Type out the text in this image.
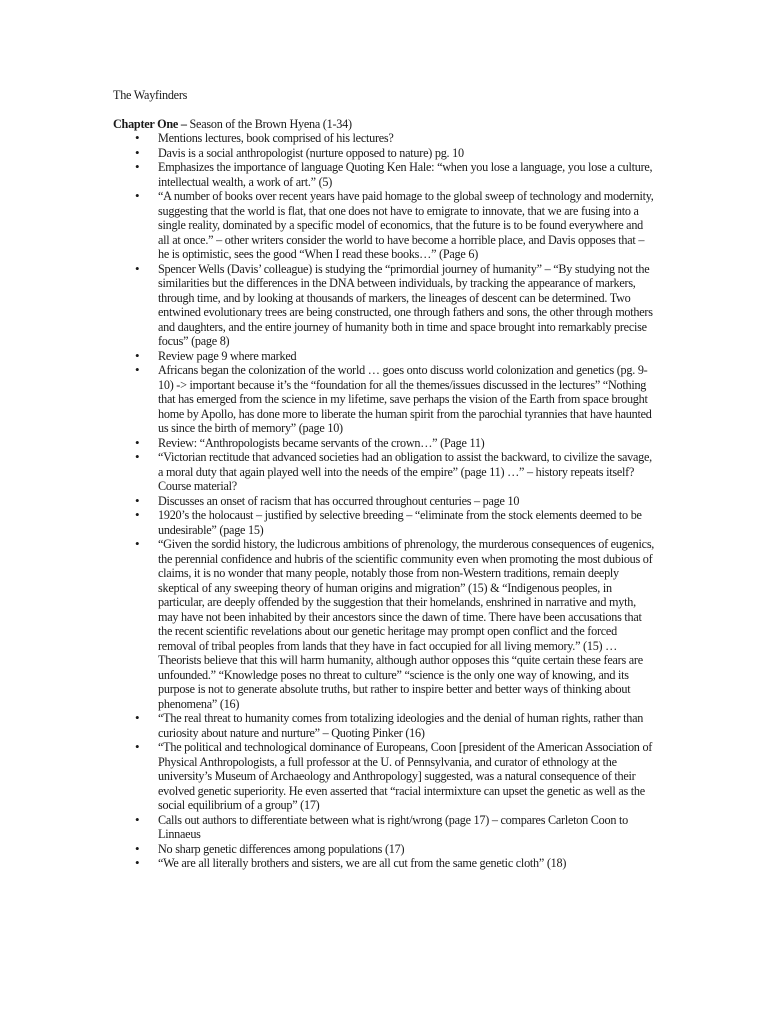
The Wayfinders
Chapter One – Season of the Brown Hyena (1-34)
• Mentions lectures, book comprised of his lectures?
• Davis is a social anthropologist (nurture opposed to nature) pg. 10
• Emphasizes the importance of language Quoting Ken Hale: “when you lose a language, you lose a culture, intellectual wealth, a work of art.” (5)
• “A number of books over recent years have paid homage to the global sweep of technology and modernity, suggesting that the world is flat, that one does not have to emigrate to innovate, that we are fusing into a single reality, dominated by a specific model of economics, that the future is to be found everywhere and all at once.” – other writers consider the world to have become a horrible place, and Davis opposes that – he is optimistic, sees the good “When I read these books…” (Page 6)
• Spencer Wells (Davis’ colleague) is studying the “primordial journey of humanity” – “By studying not the similarities but the differences in the DNA between individuals, by tracking the appearance of markers, through time, and by looking at thousands of markers, the lineages of descent can be determined. Two entwined evolutionary trees are being constructed, one through fathers and sons, the other through mothers and daughters, and the entire journey of humanity both in time and space brought into remarkably precise focus” (page 8)
• Review page 9 where marked
• Africans began the colonization of the world … goes onto discuss world colonization and genetics (pg. 9-10) -> important because it’s the “foundation for all the themes/issues discussed in the lectures” “Nothing that has emerged from the science in my lifetime, save perhaps the vision of the Earth from space brought home by Apollo, has done more to liberate the human spirit from the parochial tyrannies that have haunted us since the birth of memory” (page 10)
• Review: “Anthropologists became servants of the crown…” (Page 11)
• “Victorian rectitude that advanced societies had an obligation to assist the backward, to civilize the savage, a moral duty that again played well into the needs of the empire” (page 11) …” – history repeats itself? Course material?
• Discusses an onset of racism that has occurred throughout centuries – page 10
• 1920’s the holocaust – justified by selective breeding – “eliminate from the stock elements deemed to be undesirable” (page 15)
• “Given the sordid history, the ludicrous ambitions of phrenology, the murderous consequences of eugenics, the perennial confidence and hubris of the scientific community even when promoting the most dubious of claims, it is no wonder that many people, notably those from non-Western traditions, remain deeply skeptical of any sweeping theory of human origins and migration” (15) & “Indigenous peoples, in particular, are deeply offended by the suggestion that their homelands, enshrined in narrative and myth, may have not been inhabited by their ancestors since the dawn of time. There have been accusations that the recent scientific revelations about our genetic heritage may prompt open conflict and the forced removal of tribal peoples from lands that they have in fact occupied for all living memory.” (15) … Theorists believe that this will harm humanity, although author opposes this “quite certain these fears are unfounded.” “Knowledge poses no threat to culture” “science is the only one way of knowing, and its purpose is not to generate absolute truths, but rather to inspire better and better ways of thinking about phenomena” (16)
• “The real threat to humanity comes from totalizing ideologies and the denial of human rights, rather than curiosity about nature and nurture” – Quoting Pinker (16)
• “The political and technological dominance of Europeans, Coon [president of the American Association of Physical Anthropologists, a full professor at the U. of Pennsylvania, and curator of ethnology at the university’s Museum of Archaeology and Anthropology] suggested, was a natural consequence of their evolved genetic superiority. He even asserted that “racial intermixture can upset the genetic as well as the social equilibrium of a group” (17)
• Calls out authors to differentiate between what is right/wrong (page 17) – compares Carleton Coon to Linnaeus
• No sharp genetic differences among populations (17)
• “We are all literally brothers and sisters, we are all cut from the same genetic cloth” (18)
